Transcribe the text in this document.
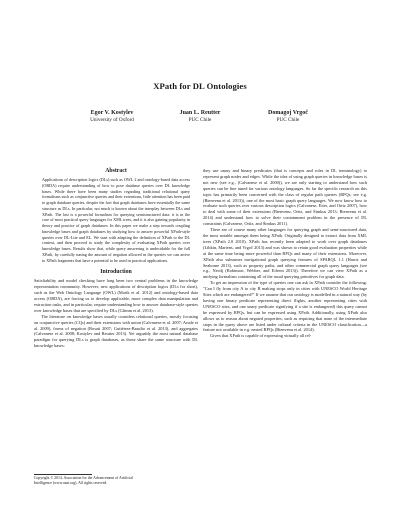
XPath for DL Ontologies
Egor V. Kostylev
University of Oxford
Juan L. Reutter
PUC Chile
Domagoj Vrgoč
PUC Chile
Abstract

Applications of description logics (DLs) such as OWL 2 and ontology-based data access (OBDA) require understanding of how to pose database queries over DL knowledge bases. While there have been many studies regarding traditional relational query formalisms such as conjunctive queries and their extensions, little attention has been paid to graph database queries, despite the fact that graph databases have essentially the same structure as DLs. In particular, not much is known about the interplay between DLs and XPath. The last is a powerful formalism for querying semistructured data: it is in the core of most practical query languages for XML trees, and it is also gaining popularity in theory and practice of graph databases. In this paper we make a step towards coupling knowledge bases and graph databases by studying how to answer powerful XPath-style queries over DL-Lite and EL. We start with adapting the definition of XPath to the DL context, and then proceed to study the complexity of evaluating XPath queries over knowledge bases. Results show that, while query answering is undecidable for the full XPath, by carefully tuning the amount of negation allowed in the queries we can arrive to XPath fragments that have a potential to be used in practical applications.

Introduction

Satisfiability and model checking have long been two central problems in the knowledge representation community. However, new applications of description logics (DLs for short), such as the Web Ontology Language (OWL) (Motik et al. 2012) and ontology-based data access (OBDA), are forcing us to develop applicable, more complex data manipulation and extraction tasks, and in particular, require understanding how to answer database-style queries over knowledge bases that are specified by DLs (Glimm et al. 2013).

The literature on knowledge bases usually considers relational queries, mostly focusing on conjunctive queries (CQs) and their extensions with union (Calvanese et al. 2007; Artale et al. 2009), forms of negation (Rosati 2007; Gutiérrez-Basulto et al. 2013), and aggregates (Calvanese et al. 2008; Kostylev and Reutter 2013). Yet arguably the most natural database paradigm for querying DLs is graph databases, as those share the same structure with DL knowledge bases:

they use unary and binary predicates (that is concepts and roles in DL terminology) to represent graph nodes and edges. While the idea of using graph queries in knowledge bases is not new (see e.g., (Calvanese et al. 2000)), we are only starting to understand how such queries can be fine tuned for various ontology languages. So far the specific research on this topic has primarily been concerned with the class of regular path queries (RPQs; see e.g. (Bienvenu et al. 2013)), one of the most basic graph query languages. We now know how to evaluate such queries over various description logics (Calvanese, Eiter, and Ortiz 2007), how to deal with some of their extensions (Bienvenu, Ortiz, and Šimkus 2013; Bienvenu et al. 2014) and understand how to solve their containment problem in the presence of DL constraints (Calvanese, Ortiz, and Šimkus 2011).

There are of course many other languages for querying graph and semi-structured data, the most notable amongst them being XPath. Originally designed to extract data from XML trees (XPath 2.0 2010), XPath has recently been adapted to work over graph databases (Libkin, Martens, and Vrgoč 2013) and was shown to retain good evaluation properties while at the same time being more powerful than RPQs and many of their extensions. Moreover, XPath also subsumes navigational graph querying features of SPARQL 1.1 (Harris and Seaborne 2013), such as property paths, and other commercial graph query languages (see e.g., Neo4j (Robinson, Webber, and Eifrem 2013)). Therefore we can view XPath as a unifying formalism containing all of the usual querying primitives for graph data.

To get an impression of the type of queries one can ask in XPath consider the following: "Can I fly from city A to city B making stops only in cities with UNESCO World Heritage Sites which are endangered?" If we assume that our ontology is modelled in a natural way (by having one binary predicate representing direct flights, another representing cities with UNESCO sites, and one unary predicate signifying if a site is endangered) this query cannot be expressed by RPQs, but can be expressed using XPath. Additionally, using XPath also allows us to reason about negated properties, such as requiring that none of the intermediate stops in the query above are listed under cultural criteria in the UNESCO classification—a feature not available in e.g. nested RPQs (Bienvenu et al. 2014).

Given that XPath is capable of expressing virtually all rel-

Copyright © 2014, Association for the Advancement of Artificial
Intelligence (www.aaai.org). All rights reserved.
